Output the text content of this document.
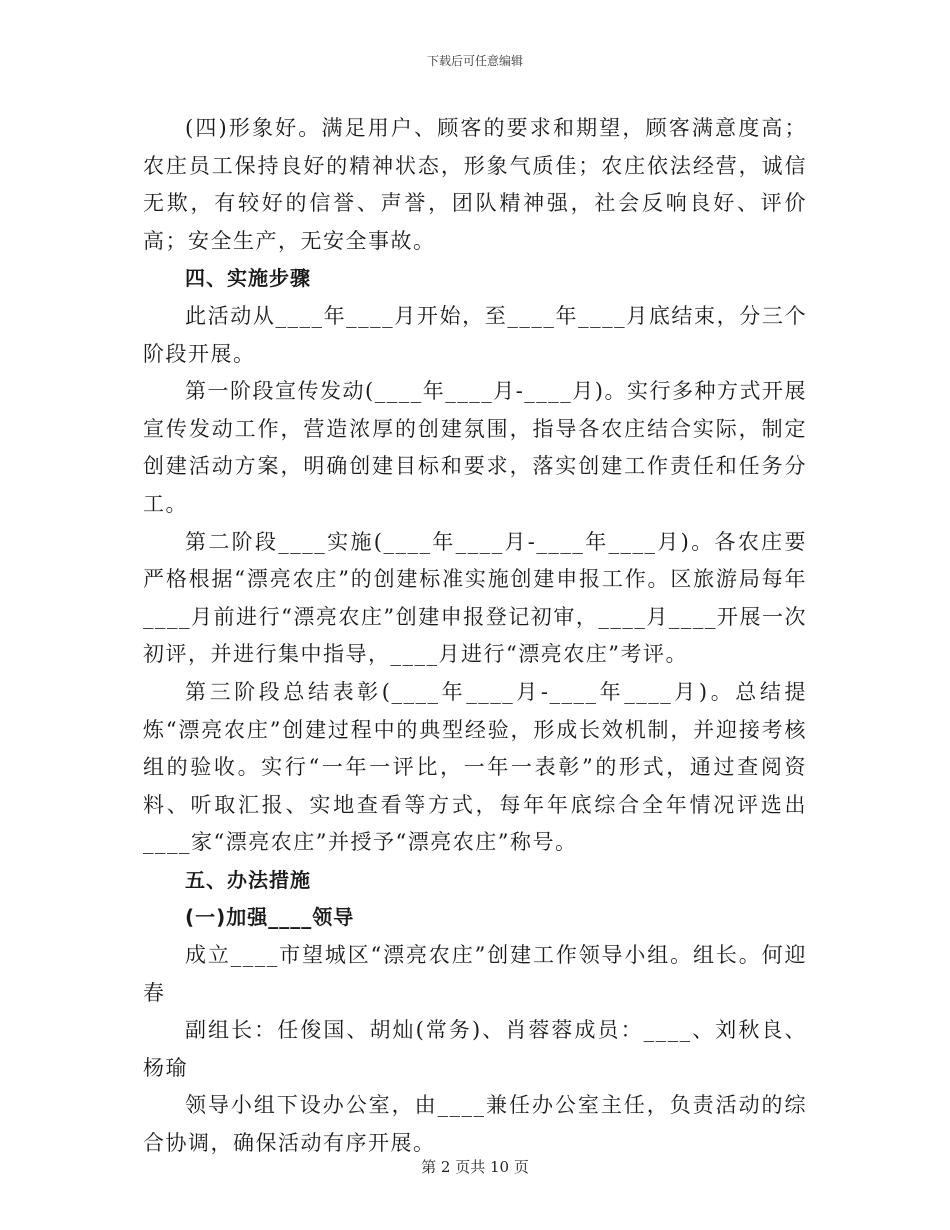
下载后可任意编辑

(四)形象好。满足用户、顾客的要求和期望，顾客满意度高；农庄员工保持良好的精神状态，形象气质佳；农庄依法经营，诚信无欺，有较好的信誉、声誉，团队精神强，社会反响良好、评价高；安全生产，无安全事故。

四、实施步骤

此活动从____年____月开始，至____年____月底结束，分三个阶段开展。

第一阶段宣传发动(____年____月-____月)。实行多种方式开展宣传发动工作，营造浓厚的创建氛围，指导各农庄结合实际，制定创建活动方案，明确创建目标和要求，落实创建工作责任和任务分工。

第二阶段____实施(____年____月-____年____月)。各农庄要严格根据“漂亮农庄”的创建标准实施创建申报工作。区旅游局每年____月前进行“漂亮农庄”创建申报登记初审，____月____开展一次初评，并进行集中指导，____月进行“漂亮农庄”考评。

第三阶段总结表彰(____年____月-____年____月)。总结提炼“漂亮农庄”创建过程中的典型经验，形成长效机制，并迎接考核组的验收。实行“一年一评比，一年一表彰”的形式，通过查阅资料、听取汇报、实地查看等方式，每年年底综合全年情况评选出____家“漂亮农庄”并授予“漂亮农庄”称号。

五、办法措施

(一)加强____领导

成立____市望城区“漂亮农庄”创建工作领导小组。组长。何迎春

副组长：任俊国、胡灿(常务)、肖蓉蓉成员：____、刘秋良、杨瑜

领导小组下设办公室，由____兼任办公室主任，负责活动的综合协调，确保活动有序开展。

第 2 页共 10 页
